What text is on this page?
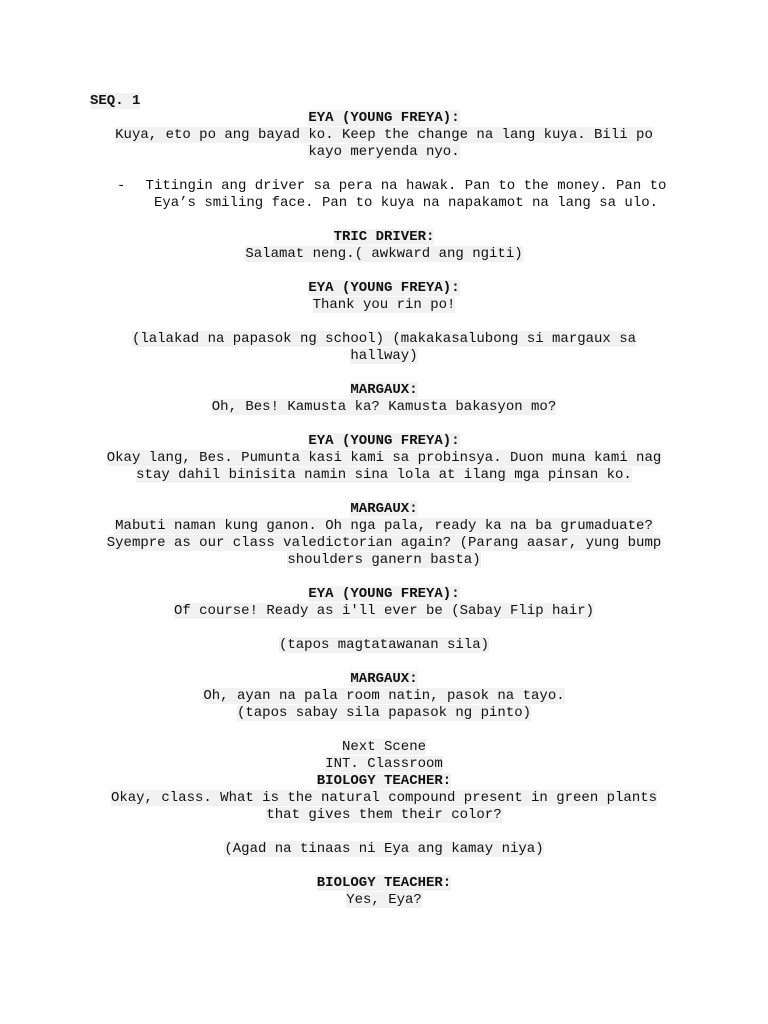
SEQ. 1
EYA (YOUNG FREYA):
Kuya, eto po ang bayad ko. Keep the change na lang kuya. Bili po kayo meryenda nyo.
- Titingin ang driver sa pera na hawak. Pan to the money. Pan to Eya’s smiling face. Pan to kuya na napakamot na lang sa ulo.
TRIC DRIVER:
Salamat neng.( awkward ang ngiti)
EYA (YOUNG FREYA):
Thank you rin po!
(lalakad na papasok ng school) (makakasalubong si margaux sa hallway)
MARGAUX:
Oh, Bes! Kamusta ka? Kamusta bakasyon mo?
EYA (YOUNG FREYA):
Okay lang, Bes. Pumunta kasi kami sa probinsya. Duon muna kami nag stay dahil binisita namin sina lola at ilang mga pinsan ko.
MARGAUX:
Mabuti naman kung ganon. Oh nga pala, ready ka na ba grumaduate? Syempre as our class valedictorian again? (Parang aasar, yung bump shoulders ganern basta)
EYA (YOUNG FREYA):
Of course! Ready as i'll ever be (Sabay Flip hair)
(tapos magtatawanan sila)
MARGAUX:
Oh, ayan na pala room natin, pasok na tayo.
(tapos sabay sila papasok ng pinto)
Next Scene
INT. Classroom
BIOLOGY TEACHER:
Okay, class. What is the natural compound present in green plants that gives them their color?
(Agad na tinaas ni Eya ang kamay niya)
BIOLOGY TEACHER:
Yes, Eya?
